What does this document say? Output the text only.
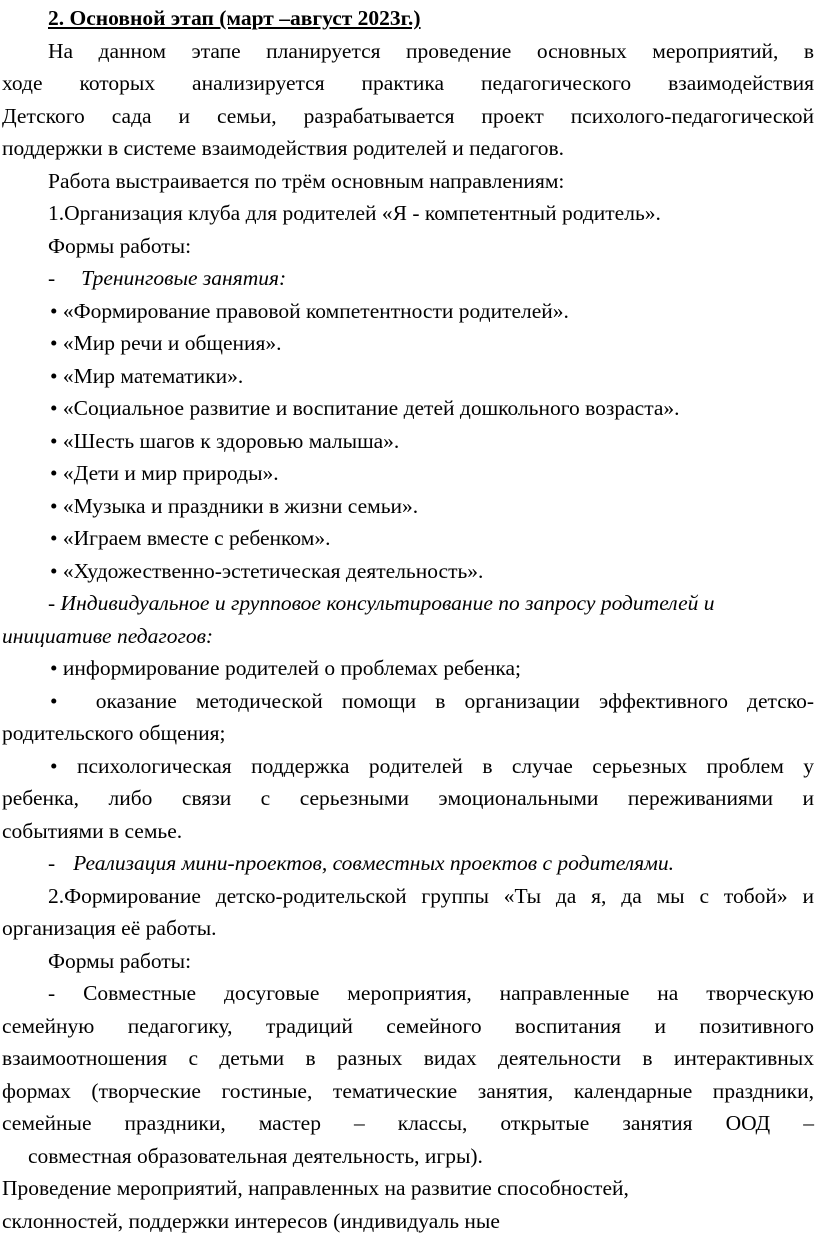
2. Основной этап (март –август 2023г.)
На данном этапе планируется проведение основных мероприятий, в
ходе которых анализируется практика педагогического взаимодействия
Детского сада и семьи, разрабатывается проект психолого-педагогической
поддержки в системе взаимодействия родителей и педагогов.
Работа выстраивается по трём основным направлениям:
1.Организация клуба для родителей «Я - компетентный родитель».
Формы работы:
- Тренинговые занятия:
• «Формирование правовой компетентности родителей».
• «Мир речи и общения».
• «Мир математики».
• «Социальное развитие и воспитание детей дошкольного возраста».
• «Шесть шагов к здоровью малыша».
• «Дети и мир природы».
• «Музыка и праздники в жизни семьи».
• «Играем вместе с ребенком».
• «Художественно-эстетическая деятельность».
- Индивидуальное и групповое консультирование по запросу родителей и
инициативе педагогов:
• информирование родителей о проблемах ребенка;
• оказание методической помощи в организации эффективного детско-
родительского общения;
• психологическая поддержка родителей в случае серьезных проблем у
ребенка, либо связи с серьезными эмоциональными переживаниями и
событиями в семье.
- Реализация мини-проектов, совместных проектов с родителями.
2.Формирование детско-родительской группы «Ты да я, да мы с тобой» и
организация её работы.
Формы работы:
- Совместные досуговые мероприятия, направленные на творческую
семейную педагогику, традиций семейного воспитания и позитивного
взаимоотношения с детьми в разных видах деятельности в интерактивных
формах (творческие гостиные, тематические занятия, календарные праздники,
семейные праздники, мастер – классы, открытые занятия ООД –
совместная образовательная деятельность, игры).
Проведение мероприятий, направленных на развитие способностей,
склонностей, поддержки интересов (индивидуаль ные
